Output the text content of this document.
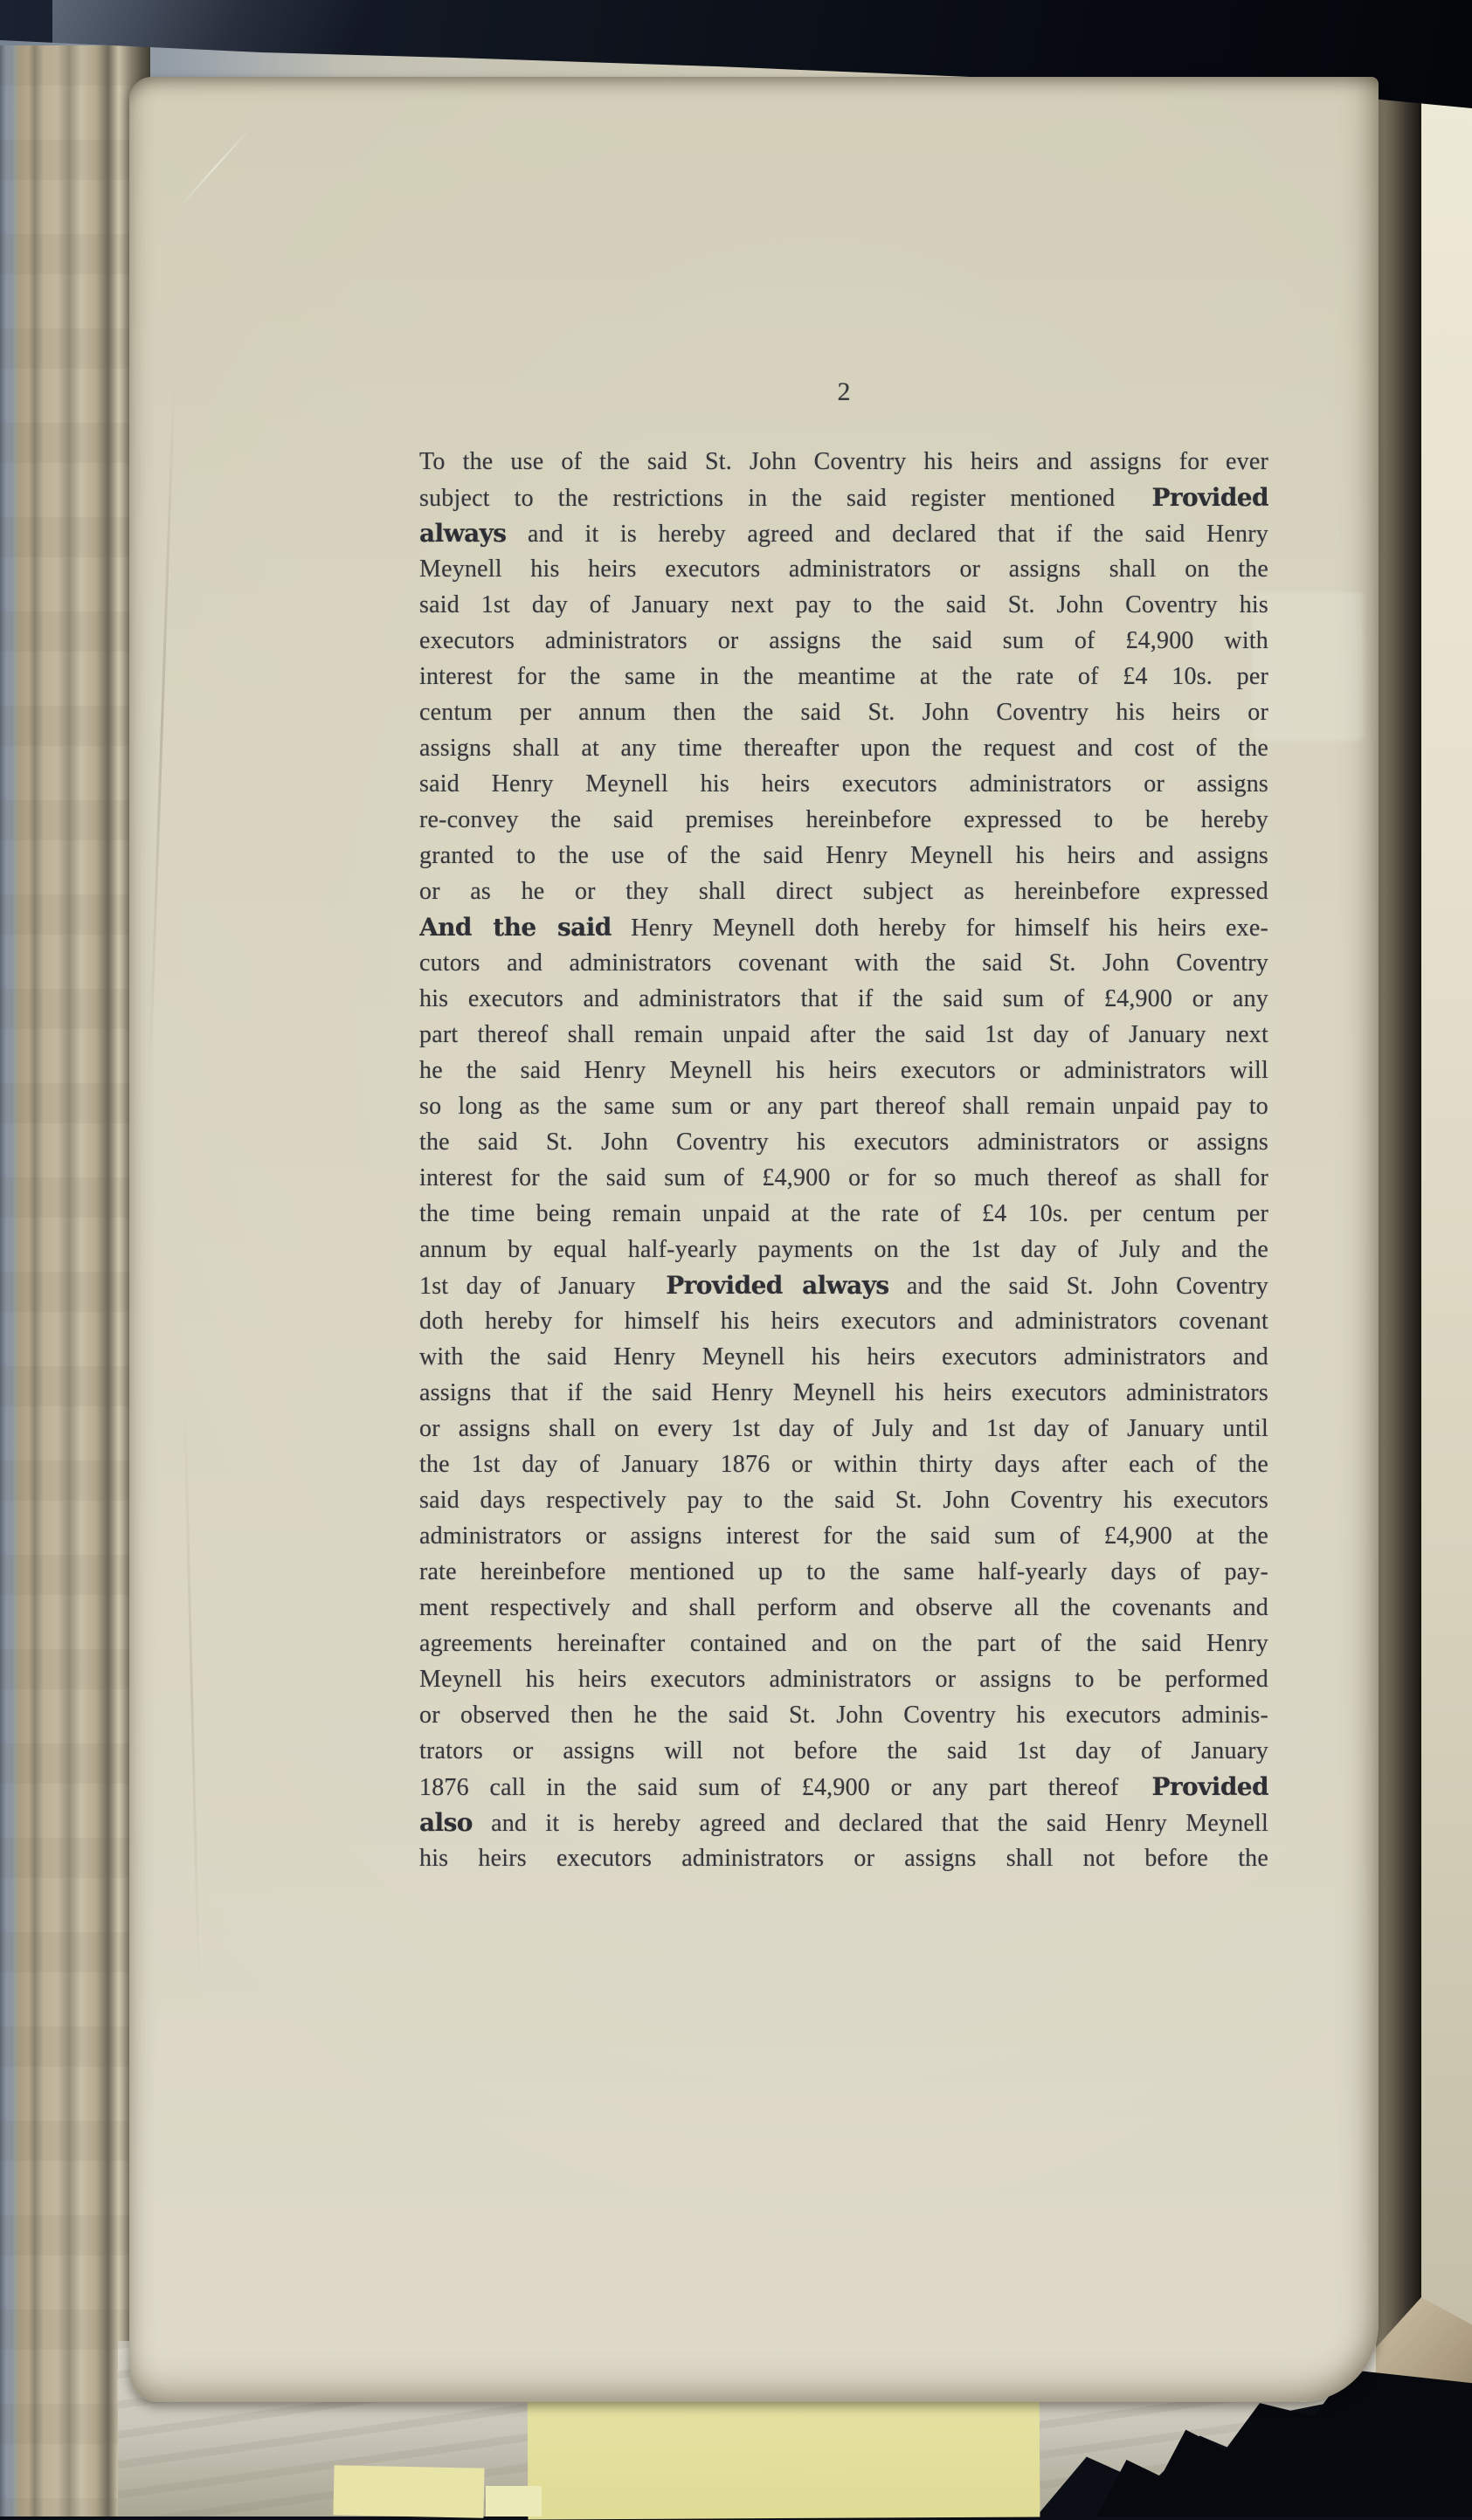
2
To the use of the said St. John Coventry his heirs and assigns for ever
subject to the restrictions in the said register mentioned  Provided
always and it is hereby agreed and declared that if the said Henry
Meynell his heirs executors administrators or assigns shall on the
said 1st day of January next pay to the said St. John Coventry his
executors administrators or assigns the said sum of £4,900 with
interest for the same in the meantime at the rate of £4 10s. per
centum per annum then the said St. John Coventry his heirs or
assigns shall at any time thereafter upon the request and cost of the
said Henry Meynell his heirs executors administrators or assigns
re-convey the said premises hereinbefore expressed to be hereby
granted to the use of the said Henry Meynell his heirs and assigns
or as he or they shall direct subject as hereinbefore expressed
And the said Henry Meynell doth hereby for himself his heirs exe-
cutors and administrators covenant with the said St. John Coventry
his executors and administrators that if the said sum of £4,900 or any
part thereof shall remain unpaid after the said 1st day of January next
he the said Henry Meynell his heirs executors or administrators will
so long as the same sum or any part thereof shall remain unpaid pay to
the said St. John Coventry his executors administrators or assigns
interest for the said sum of £4,900 or for so much thereof as shall for
the time being remain unpaid at the rate of £4 10s. per centum per
annum by equal half-yearly payments on the 1st day of July and the
1st day of January  Provided always and the said St. John Coventry
doth hereby for himself his heirs executors and administrators covenant
with the said Henry Meynell his heirs executors administrators and
assigns that if the said Henry Meynell his heirs executors administrators
or assigns shall on every 1st day of July and 1st day of January until
the 1st day of January 1876 or within thirty days after each of the
said days respectively pay to the said St. John Coventry his executors
administrators or assigns interest for the said sum of £4,900 at the
rate hereinbefore mentioned up to the same half-yearly days of pay-
ment respectively and shall perform and observe all the covenants and
agreements hereinafter contained and on the part of the said Henry
Meynell his heirs executors administrators or assigns to be performed
or observed then he the said St. John Coventry his executors adminis-
trators or assigns will not before the said 1st day of January
1876 call in the said sum of £4,900 or any part thereof  Provided
also and it is hereby agreed and declared that the said Henry Meynell
his heirs executors administrators or assigns shall not before the
